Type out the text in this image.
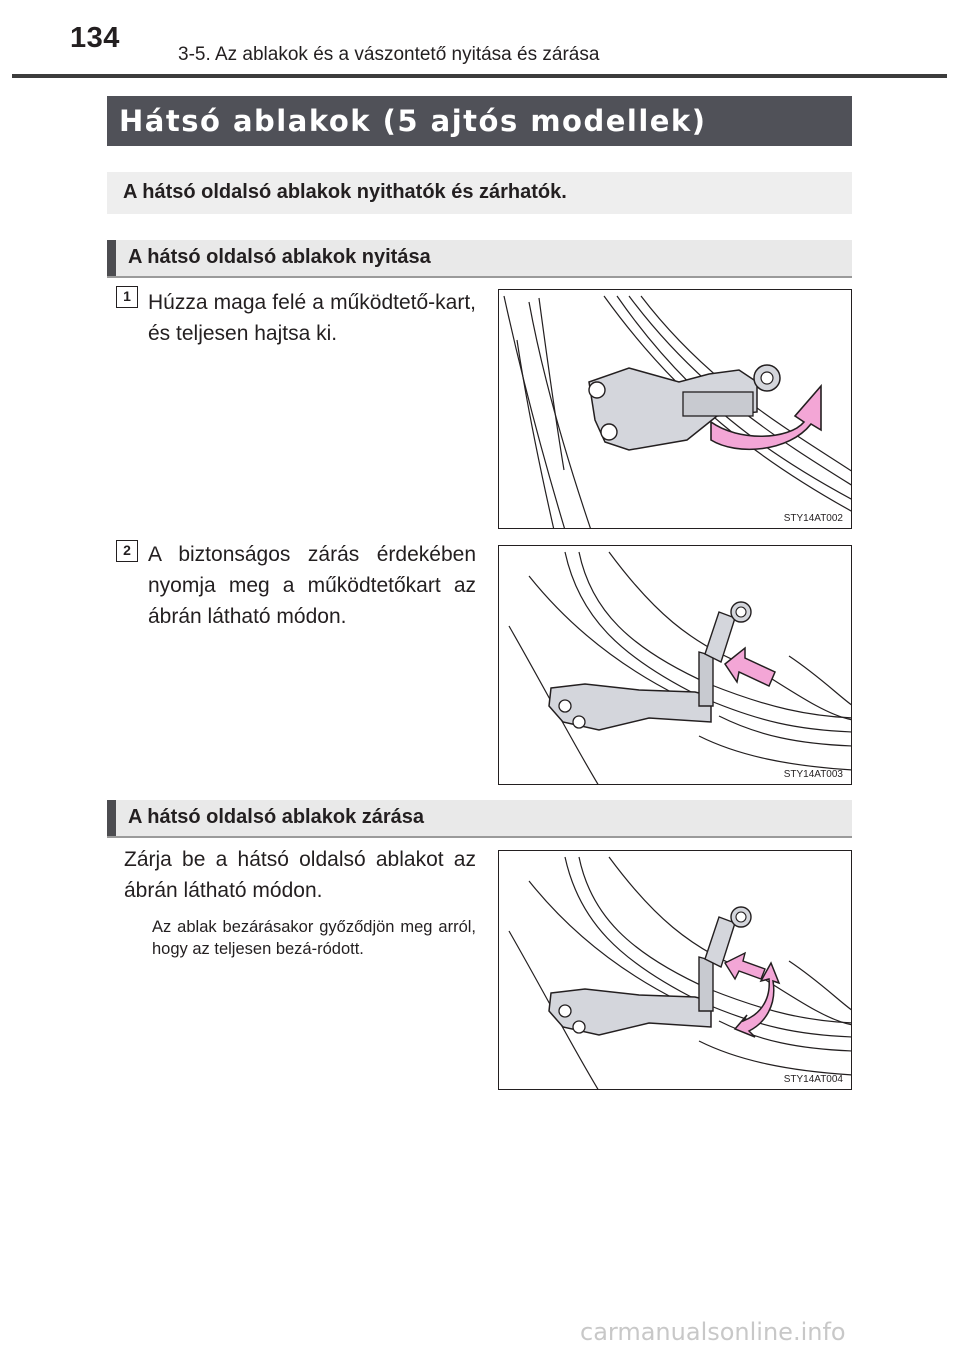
134
3-5. Az ablakok és a vászontető nyitása és zárása
Hátsó ablakok (5 ajtós modellek)
A hátsó oldalsó ablakok nyithatók és zárhatók.
A hátsó oldalsó ablakok nyitása
1 Húzza maga felé a működtető-kart, és teljesen hajtsa ki.
STY14AT002
2 A biztonságos zárás érdekében nyomja meg a működtetőkart az ábrán látható módon.
STY14AT003
A hátsó oldalsó ablakok zárása
Zárja be a hátsó oldalsó ablakot az ábrán látható módon.
Az ablak bezárásakor győződjön meg arról, hogy az teljesen bezá-ródott.
STY14AT004
carmanualsonline.info
